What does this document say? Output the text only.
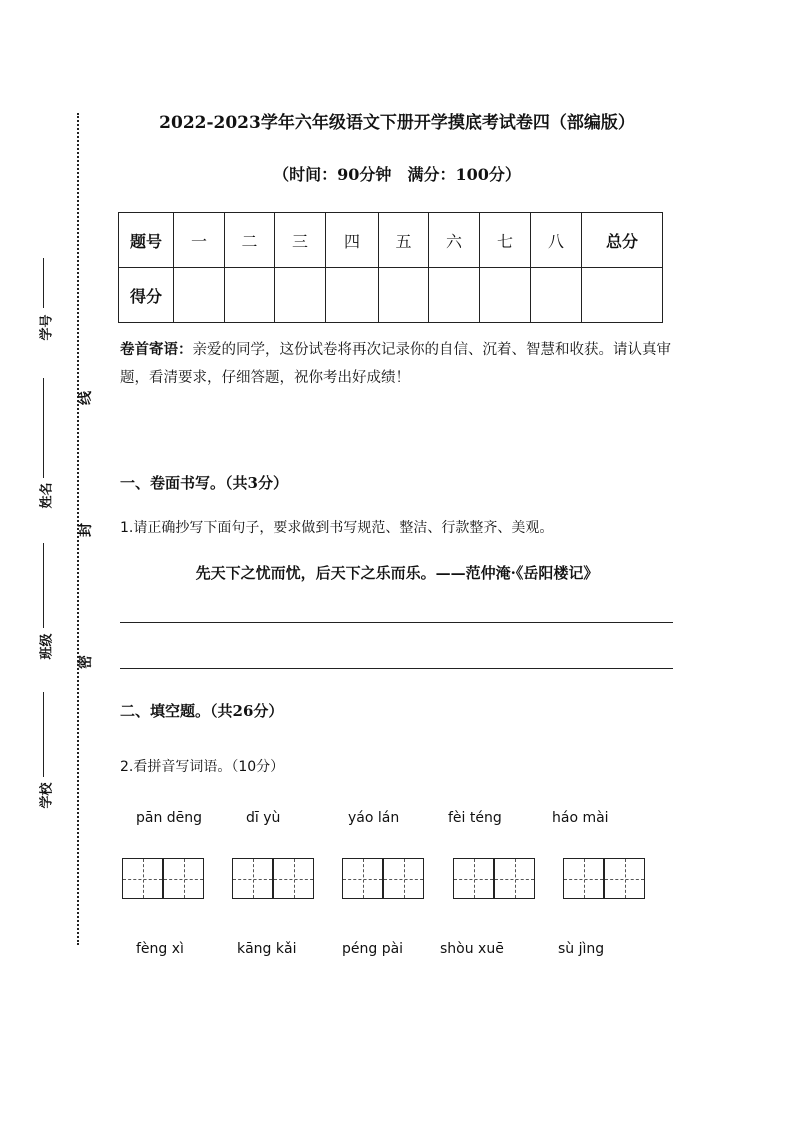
线
封
密
学号
姓名
班级
学校
2022-2023学年六年级语文下册开学摸底考试卷四（部编版）
（时间：90分钟 满分：100分）
题号	一	二	三	四	五	六	七	八	总分
得分									
卷首寄语：亲爱的同学，这份试卷将再次记录你的自信、沉着、智慧和收获。请认真审题，看清要求，仔细答题，祝你考出好成绩！
一、卷面书写。（共3分）
1.请正确抄写下面句子，要求做到书写规范、整洁、行款整齐、美观。
先天下之忧而忧，后天下之乐而乐。——范仲淹·《岳阳楼记》
二、填空题。（共26分）
2.看拼音写词语。（10分）
pān dēng	dī yù	yáo lán	fèi téng	háo mài
fèng xì	kāng kǎi	péng pài	shòu xuē	sù jìng
